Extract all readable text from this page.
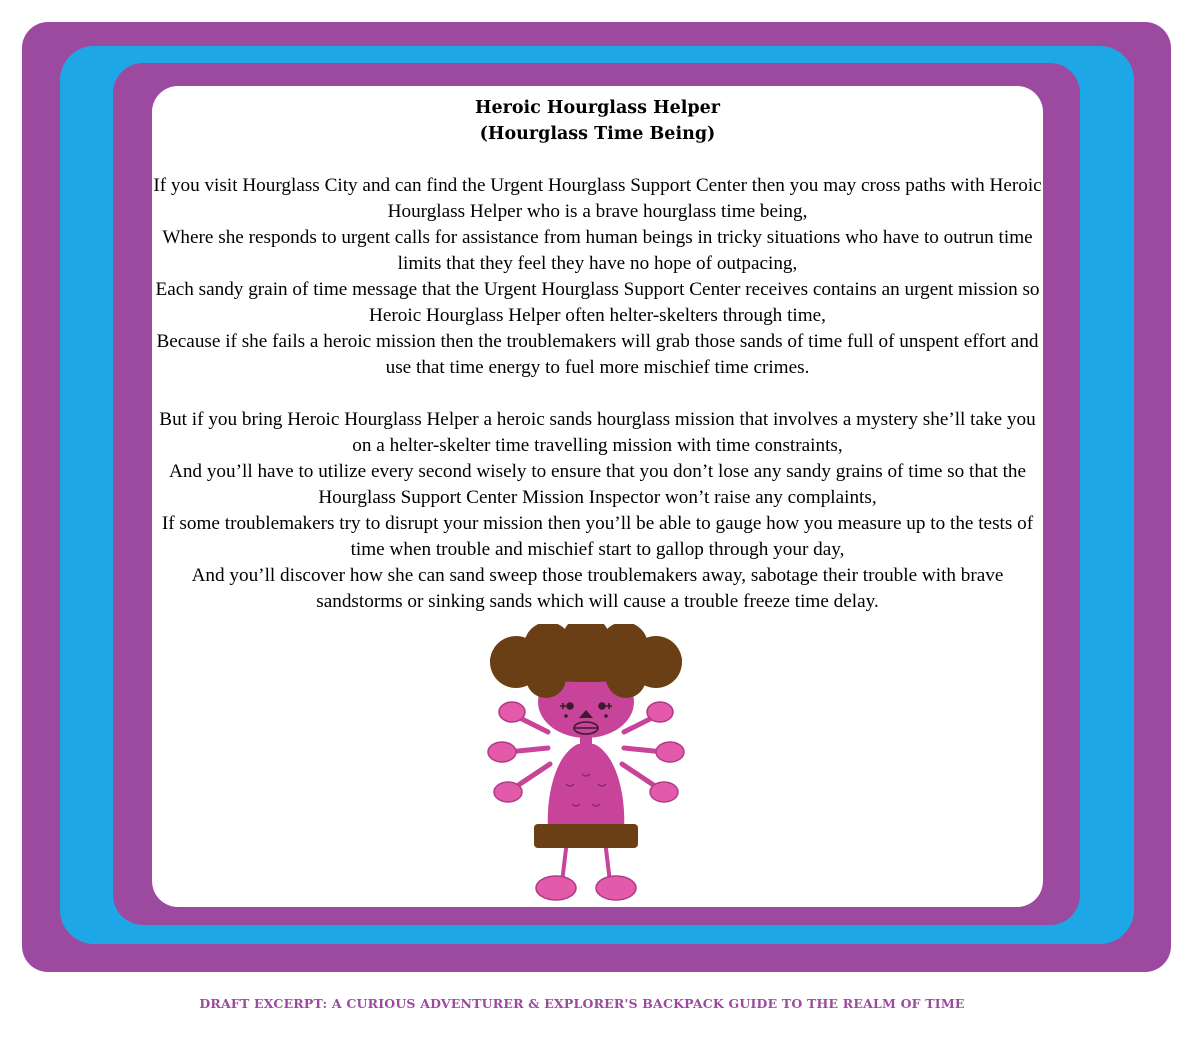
Heroic Hourglass Helper
(Hourglass Time Being)

If you visit Hourglass City and can find the Urgent Hourglass Support Center then you may cross paths with Heroic Hourglass Helper who is a brave hourglass time being,

Where she responds to urgent calls for assistance from human beings in tricky situations who have to outrun time limits that they feel they have no hope of outpacing,

Each sandy grain of time message that the Urgent Hourglass Support Center receives contains an urgent mission so Heroic Hourglass Helper often helter-skelters through time,

Because if she fails a heroic mission then the troublemakers will grab those sands of time full of unspent effort and use that time energy to fuel more mischief time crimes.

But if you bring Heroic Hourglass Helper a heroic sands hourglass mission that involves a mystery she’ll take you on a helter-skelter time travelling mission with time constraints,

And you’ll have to utilize every second wisely to ensure that you don’t lose any sandy grains of time so that the Hourglass Support Center Mission Inspector won’t raise any complaints,

If some troublemakers try to disrupt your mission then you’ll be able to gauge how you measure up to the tests of time when trouble and mischief start to gallop through your day,

And you’ll discover how she can sand sweep those troublemakers away, sabotage their trouble with brave sandstorms or sinking sands which will cause a trouble freeze time delay.

DRAFT EXCERPT: A CURIOUS ADVENTURER & EXPLORER'S BACKPACK GUIDE TO THE REALM OF TIME
